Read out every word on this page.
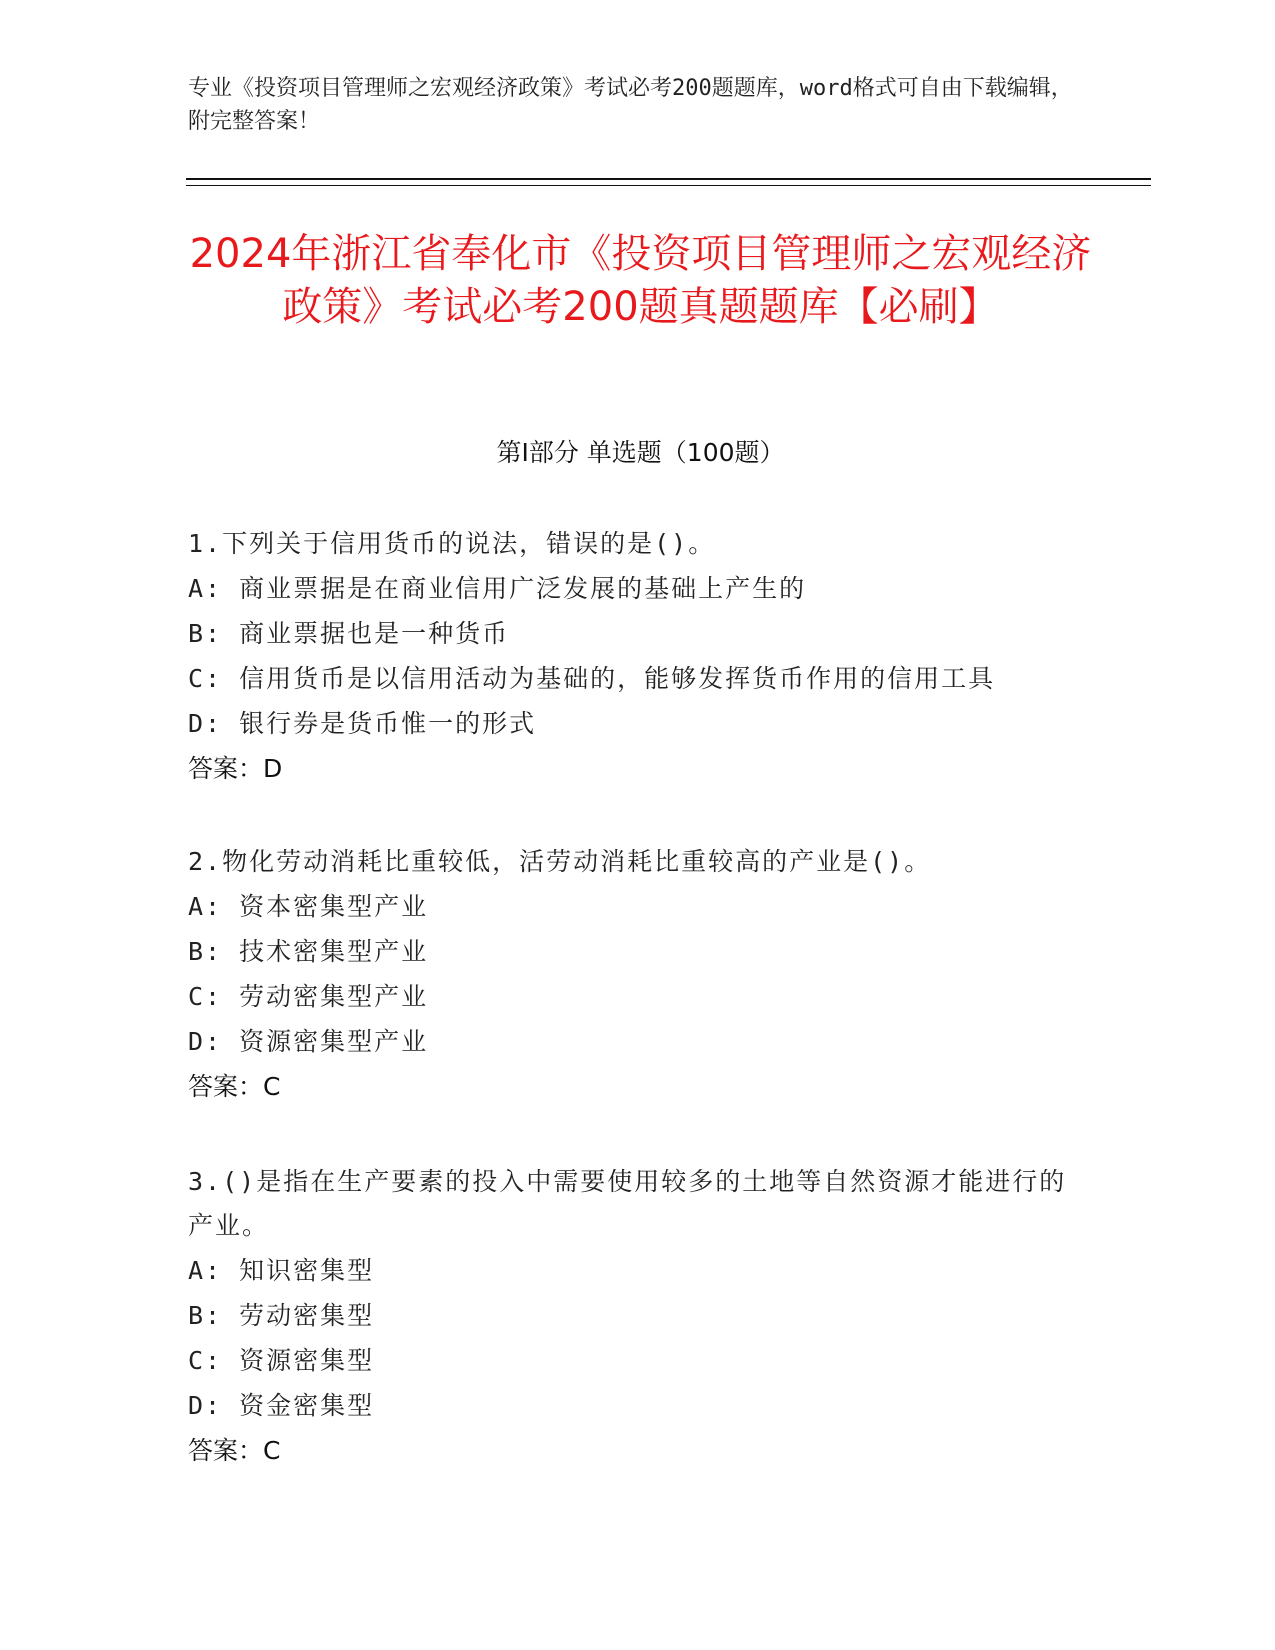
专业《投资项目管理师之宏观经济政策》考试必考200题题库，word格式可自由下载编辑，附完整答案！
2024年浙江省奉化市《投资项目管理师之宏观经济政策》考试必考200题真题题库【必刷】
第I部分 单选题（100题）
1.下列关于信用货币的说法，错误的是()。
A: 商业票据是在商业信用广泛发展的基础上产生的
B: 商业票据也是一种货币
C: 信用货币是以信用活动为基础的，能够发挥货币作用的信用工具
D: 银行券是货币惟一的形式
答案：D
2.物化劳动消耗比重较低，活劳动消耗比重较高的产业是()。
A: 资本密集型产业
B: 技术密集型产业
C: 劳动密集型产业
D: 资源密集型产业
答案：C
3.()是指在生产要素的投入中需要使用较多的土地等自然资源才能进行的产业。
A: 知识密集型
B: 劳动密集型
C: 资源密集型
D: 资金密集型
答案：C
